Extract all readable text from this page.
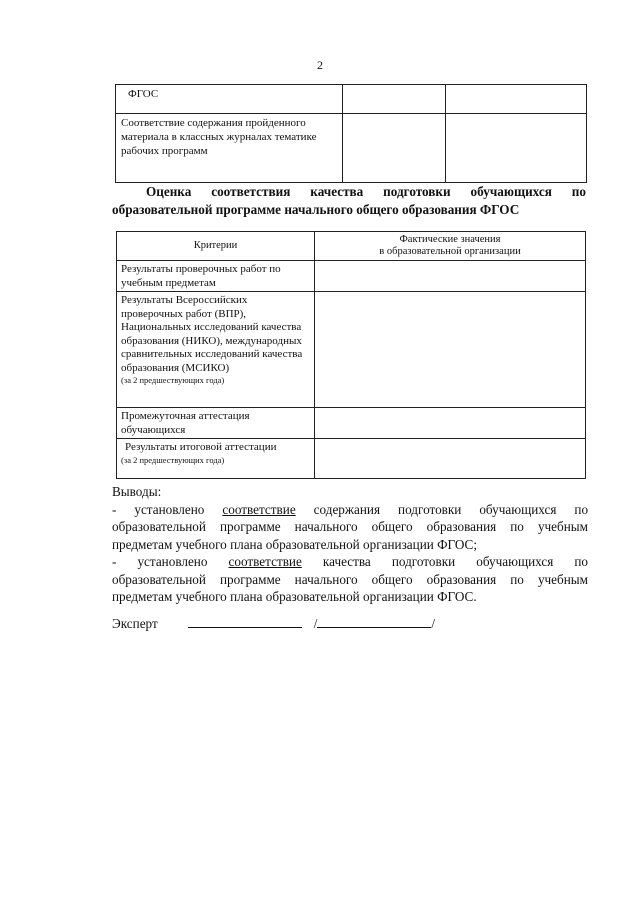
2
ФГОС		
Соответствие содержания пройденного материала в классных журналах тематике рабочих программ		
Оценка соответствия качества подготовки обучающихся по
образовательной программе начального общего образования ФГОС
Критерии	Фактические значения
в образовательной организации

Результаты проверочных работ по учебным предметам	
Результаты Всероссийских проверочных работ (ВПР), Национальных исследований качества образования (НИКО), международных сравнительных исследований качества образования (МСИКО)
(за 2 предшествующих года)	

Промежуточная аттестация обучающихся	
Результаты итоговой аттестации
(за 2 предшествующих года)	

Выводы:

- установлено соответствие содержания подготовки обучающихся по

образовательной программе начального общего образования по учебным

предметам учебного плана образовательной организации ФГОС;

- установлено соответствие качества подготовки обучающихся по

образовательной программе начального общего образования по учебным

предметам учебного плана образовательной организации ФГОС.

Эксперт	/	/
